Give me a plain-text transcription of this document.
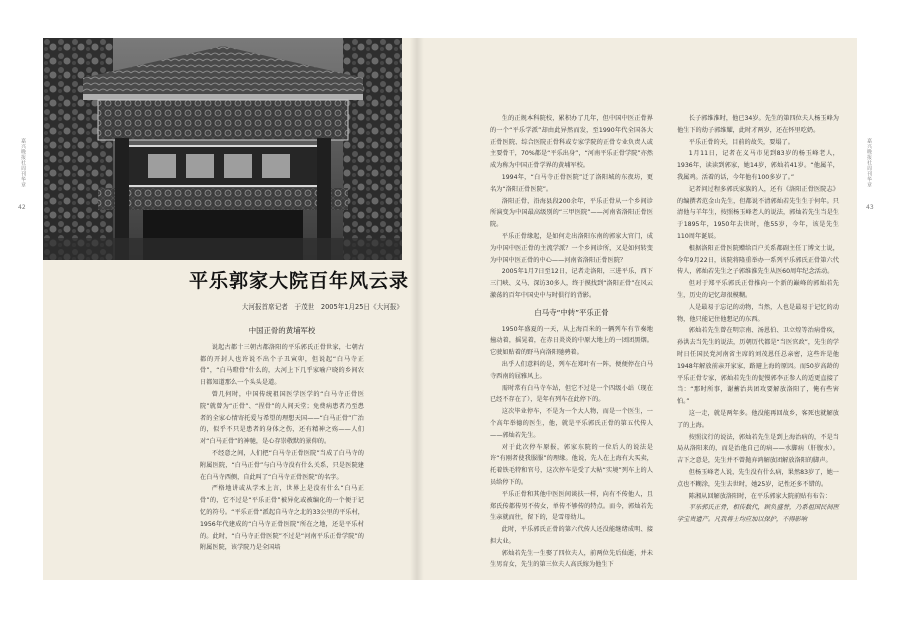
平乐郭家大院百年风云录

大河报首席记者　于茂世　2005年1月25日《大河报》

中国正骨的黄埔军校

说起古都十三朝古都洛阳的平乐郭氏正骨世家，七朝古都的开封人也许说不出个子丑寅卯，但说起“白马寺正骨”，“白马瞪骨”什么的，大河上下几乎家喻户晓的乡间农日都知道那么一个头头是道。

曾几何时，中国传统祖国医学医学的“白马寺正骨医院”就曾为“正骨”、“捏骨”的人间天堂；免费病患者乃至患者的全家心情寄托爱与希望的理想天国——“白马正骨”广治的，似乎不只是患者的身体之伤，还有精神之殇——人们对“白马正骨”的神驰，是心存崇敬默的景仰的。

不经意之间，人们把“白马寺正骨医院”当成了白马寺的附属医院，“白马正骨”与白马寺没有什么关系，只是医院建在白马寺西侧，自此叫了“白马寺正骨医院”的名字。

严格地讲或从学术上言，世界上是没有什么“白马正骨”的，它不过是“平乐正骨”被异化或被编化的一个便于记忆的符号。“平乐正骨”派起自马寺之北的33公里的平乐村，1956年代建成的“白马寺正骨医院”所在之地，还是平乐村的。此时，“白马寺正骨医院”不过是“河南平乐正骨学院”的附属医院，该学院乃是全国培

生的正规本科院校，累积办了几年，但中国中医正骨界的一个“平乐学派”却由此异然而发，至1990年代全国各大正骨医院、综合医院正骨科或专家学院的正骨专业负责人或主要骨干，70%都是“平乐出身”，“河南平乐正骨学院”亦然成为称为中国正骨学界的黄埔军校。

1994年，“白马寺正骨医院”迁了洛阳城的东夜坊，更名为“洛阳正骨医院”。

洛阳正骨，沿海县段200余年，平乐正骨从一个乡间诊所演变为中国最高级别的“三甲医院”——河南省洛阳正骨医院。

平乐正骨缘起，是如何走出洛阳东南的郭家大官门，成为中国中医正骨的主流学派？一个乡间诊所，又是如何转变为中国中医正骨的中心——河南省洛阳正骨医院？

2005年1月7日至12日，记者走洛阳，三进平乐，西下三门峡、义马、深访30多人，终于摸找到“洛阳正骨”在风云激荡的百年中国史中与时俱行的背影。

白马寺“中转”平乐正骨

1950年盛夏的一天，从上海百米的一辆列车有节奏地撞动着，摇晃着，在赤日炎炎的中原大地上的一团团黑烟。它驶如贴着的野马向洛阳驰骋着。

出乎人们意料的是，列车在郑叶有一阵，便便停在白马寺西南的屈雅风上。

需时常有白马寺车站，但它不过是一个四级小站（现在已经不存在了），是年有列车在此停下的。

这次毕业停车，不是为一个大人物，而是一个医生，一个高年举德的医生，他，就是平乐郭氏正骨的第五代传人——郭灿若先生。

对于此次停车原报，郭家东院的一位后人的说法是许“有刚者使我服服”的理缘。他说，先人在上海有大买卖，托着铁毛特和官号，这次停车是受了大帖“实境”列车上的人员给停下的。

平乐正骨和其他中医医间谈扶一样，向有不传他人，且郑氏传都传男不传女，单传不够传的特点。而今，郭灿若先生亲就而往，留下的，是雪母幼儿。

此时，平乐郭氏正骨的第六代传人还没能继绪成明、接担大业。

郭灿若先生一生娶了四位夫人，前两位先后仙逝，并未生男育女，先生的第三位夫人高氏嫁为他生下

长子郭维淮时，他已34岁。先生的第四位夫人杨玉峰为他生下的幼子郭维耀，此时才两岁，还在怀里吃奶。

平乐正骨的天，目前的故失，要塌了。

1月11日，记者在义马市见到83岁的杨玉峰老人，1936年，读读到郭家，她14岁，郭灿若41岁。“他属羊，我属鸡。活着的话，今年他有100多岁了。”

记者问过程多郭氏家族的人，还有《洛阳正骨医院志》的编撰者范金山先生，但都说不清郭灿若先生生于何年。只清他与羊年生，按照杨玉峰老人的说法，郭灿若先生当是生于1895年，1950年去世时，他55岁，今年，该是先生110周年诞辰。

根据洛阳正骨医院赠给百户关系都副主任丁博文士说，今年9月22日，该院将隆重举办一系列平乐郭氏正骨第六代传人，郭灿若先生之子郭维淮先生从医60周年纪念活动。

但对于郑平乐郭氏正骨推向一个新的巅峰的郭灿若先生，历史的记忆却很模糊。

人是最易于忘记的动物，当然，人也是最易于记忆的动物，他只能记住他想记的东西。

郭灿若先生曾在明宗南、汤恩伯、卫立煌等治病骨疾，孙洪去当先生的说法，历朝历代都是“当医官政”，先生的学时日任国民党河南省主席的刘茂恩任总亲密，这些许是他1948年解放前亲开家家，路避上海的原因。而50岁高龄的平乐正骨专家，郭灿若先生的促慢郭李正参人的适更直接了当：“那时所事，谢蓄治共团攻要解放洛阳了，俺有些害怕。”

这一走，就是两年多。他没能再回故乡，客死也就解放了的上海。

按照汶行的说法，郭灿若先生是到上海治病的，不是当局从洛阳来的，而是治他自己的病——水脚病（肝腹水）。吉下之意是，先生并不曾抛弃鸿解放团解放洛阳的脚声。

但杨玉峰老人说，先生没有什么病，果然83岁了，她一点也不糊涂，先生去世时，她25岁，记性还多不错的。

陈湘从回解放洛阳时，在平乐郭家大院前贴有布告：

平乐郭氏正骨，相传数代，顾负盛誉，乃系祖国民间医学宝贵遗产。凡我将士均应加以保护，不得影响

嘉兴晚报社周刊华章	嘉兴晚报社周刊华章
42	43
